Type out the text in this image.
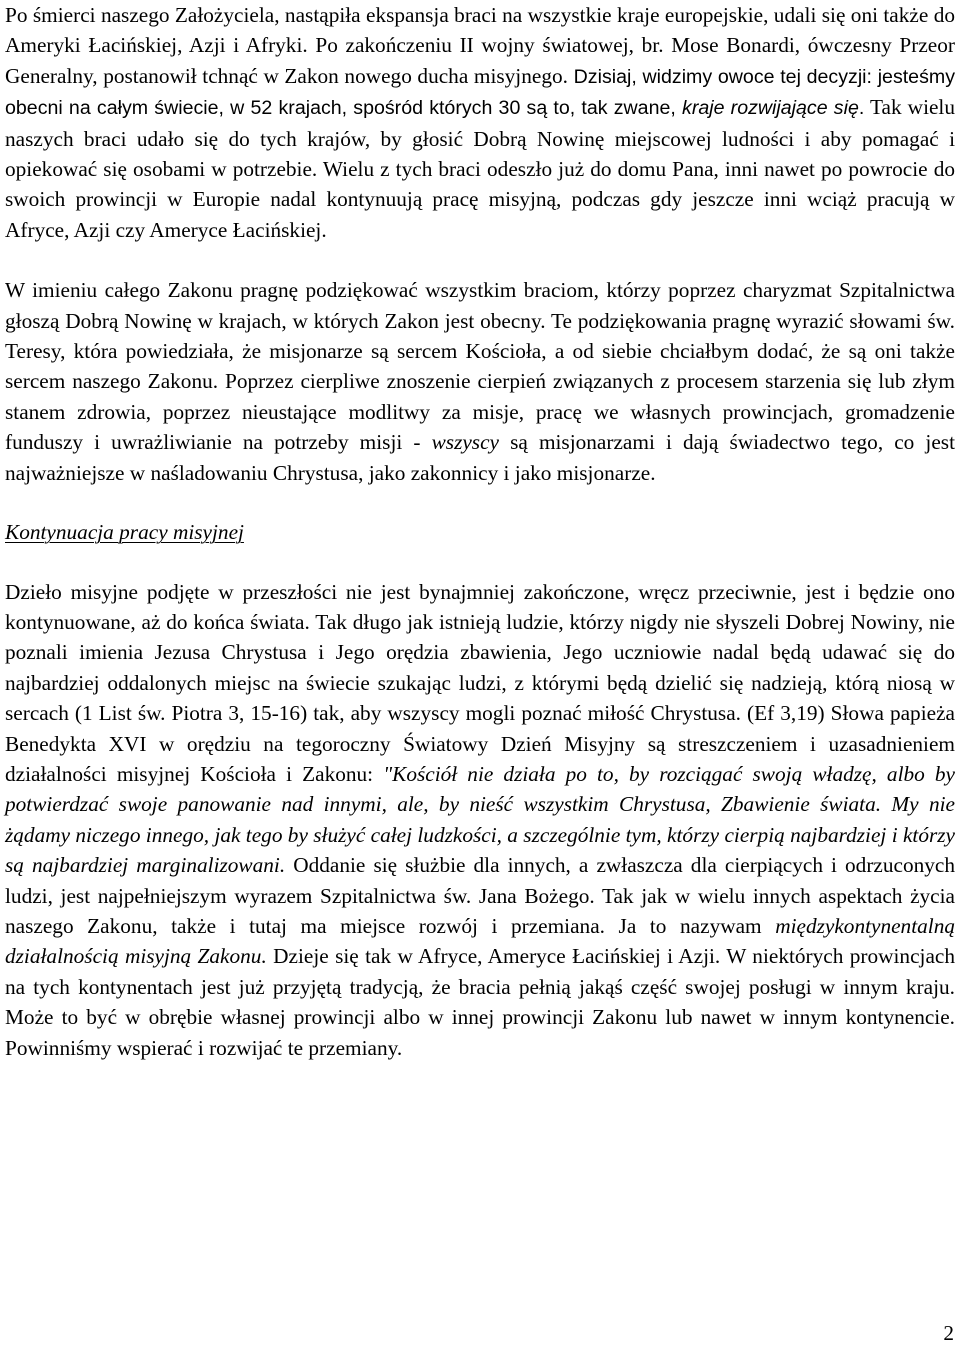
Po śmierci naszego Założyciela, nastąpiła ekspansja braci na wszystkie kraje europejskie, udali się oni także do Ameryki Łacińskiej, Azji i Afryki. Po zakończeniu II wojny światowej, br. Mose Bonardi, ówczesny Przeor Generalny, postanowił tchnąć w Zakon nowego ducha misyjnego. Dzisiaj, widzimy owoce tej decyzji: jesteśmy obecni na całym świecie, w 52 krajach, spośród których 30 są to, tak zwane, kraje rozwijające się. Tak wielu naszych braci udało się do tych krajów, by głosić Dobrą Nowinę miejscowej ludności i aby pomagać i opiekować się osobami w potrzebie. Wielu z tych braci odeszło już do domu Pana, inni nawet po powrocie do swoich prowincji w Europie nadal kontynuują pracę misyjną, podczas gdy jeszcze inni wciąż pracują w Afryce, Azji czy Ameryce Łacińskiej.

W imieniu całego Zakonu pragnę podziękować wszystkim braciom, którzy poprzez charyzmat Szpitalnictwa głoszą Dobrą Nowinę w krajach, w których Zakon jest obecny. Te podziękowania pragnę wyrazić słowami św. Teresy, która powiedziała, że misjonarze są sercem Kościoła, a od siebie chciałbym dodać, że są oni także sercem naszego Zakonu. Poprzez cierpliwe znoszenie cierpień związanych z procesem starzenia się lub złym stanem zdrowia, poprzez nieustające modlitwy za misje, pracę we własnych prowincjach, gromadzenie funduszy i uwrażliwianie na potrzeby misji - wszyscy są misjonarzami i dają świadectwo tego, co jest najważniejsze w naśladowaniu Chrystusa, jako zakonnicy i jako misjonarze.

Kontynuacja pracy misyjnej

Dzieło misyjne podjęte w przeszłości nie jest bynajmniej zakończone, wręcz przeciwnie, jest i będzie ono kontynuowane, aż do końca świata. Tak długo jak istnieją ludzie, którzy nigdy nie słyszeli Dobrej Nowiny, nie poznali imienia Jezusa Chrystusa i Jego orędzia zbawienia, Jego uczniowie nadal będą udawać się do najbardziej oddalonych miejsc na świecie szukając ludzi, z którymi będą dzielić się nadzieją, którą niosą w sercach (1 List św. Piotra 3, 15-16) tak, aby wszyscy mogli poznać miłość Chrystusa. (Ef 3,19) Słowa papieża Benedykta XVI w orędziu na tegoroczny Światowy Dzień Misyjny są streszczeniem i uzasadnieniem działalności misyjnej Kościoła i Zakonu: "Kościół nie działa po to, by rozciągać swoją władzę, albo by potwierdzać swoje panowanie nad innymi, ale, by nieść wszystkim Chrystusa, Zbawienie świata. My nie żądamy niczego innego, jak tego by służyć całej ludzkości, a szczególnie tym, którzy cierpią najbardziej i którzy są najbardziej marginalizowani. Oddanie się służbie dla innych, a zwłaszcza dla cierpiących i odrzuconych ludzi, jest najpełniejszym wyrazem Szpitalnictwa św. Jana Bożego. Tak jak w wielu innych aspektach życia naszego Zakonu, także i tutaj ma miejsce rozwój i przemiana. Ja to nazywam międzykontynentalną działalnością misyjną Zakonu. Dzieje się tak w Afryce, Ameryce Łacińskiej i Azji. W niektórych prowincjach na tych kontynentach jest już przyjętą tradycją, że bracia pełnią jakąś część swojej posługi w innym kraju. Może to być w obrębie własnej prowincji albo w innej prowincji Zakonu lub nawet w innym kontynencie. Powinniśmy wspierać i rozwijać te przemiany.

2
